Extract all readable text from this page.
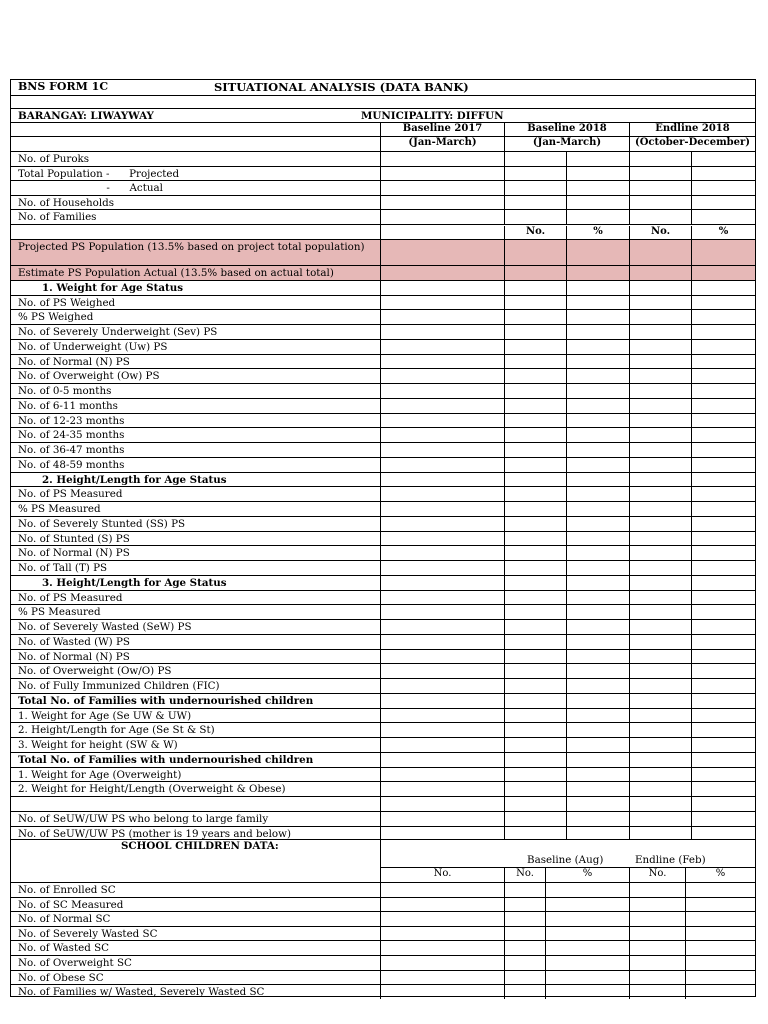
BNS FORM 1C	SITUATIONAL ANALYSIS (DATA BANK)
BARANGAY: LIWAYWAY	MUNICIPALITY: DIFFUN
Baseline 2017	Baseline 2018	Endline 2018
(Jan-March)	(Jan-March)	(October-December)
No.	%	No.	%
SCHOOL CHILDREN DATA:
Baseline (Aug)	Endline (Feb)
No.	No.	%	No.	%
No. of Puroks
Total Population -      Projected
-      Actual
No. of Households
No. of Families
Projected PS Population (13.5% based on project total population)
Estimate PS Population Actual (13.5% based on actual total)
1. Weight for Age Status
No. of PS Weighed
% PS Weighed
No. of Severely Underweight (Sev) PS
No. of Underweight (Uw) PS
No. of Normal (N) PS
No. of Overweight (Ow) PS
No. of 0-5 months
No. of 6-11 months
No. of 12-23 months
No. of 24-35 months
No. of 36-47 months
No. of 48-59 months
2. Height/Length for Age Status
No. of PS Measured
% PS Measured
No. of Severely Stunted (SS) PS
No. of Stunted (S) PS
No. of Normal (N) PS
No. of Tall (T) PS
3. Height/Length for Age Status
No. of PS Measured
% PS Measured
No. of Severely Wasted (SeW) PS
No. of Wasted (W) PS
No. of Normal (N) PS
No. of Overweight (Ow/O) PS
No. of Fully Immunized Children (FIC)
Total No. of Families with undernourished children
1. Weight for Age (Se UW & UW)
2. Height/Length for Age (Se St & St)
3. Weight for height (SW & W)
Total No. of Families with undernourished children
1. Weight for Age (Overweight)
2. Weight for Height/Length (Overweight & Obese)
No. of SeUW/UW PS who belong to large family
No. of SeUW/UW PS (mother is 19 years and below)
No. of Enrolled SC
No. of SC Measured
No. of Normal SC
No. of Severely Wasted SC
No. of Wasted SC
No. of Overweight SC
No. of Obese SC
No. of Families w/ Wasted, Severely Wasted SC
